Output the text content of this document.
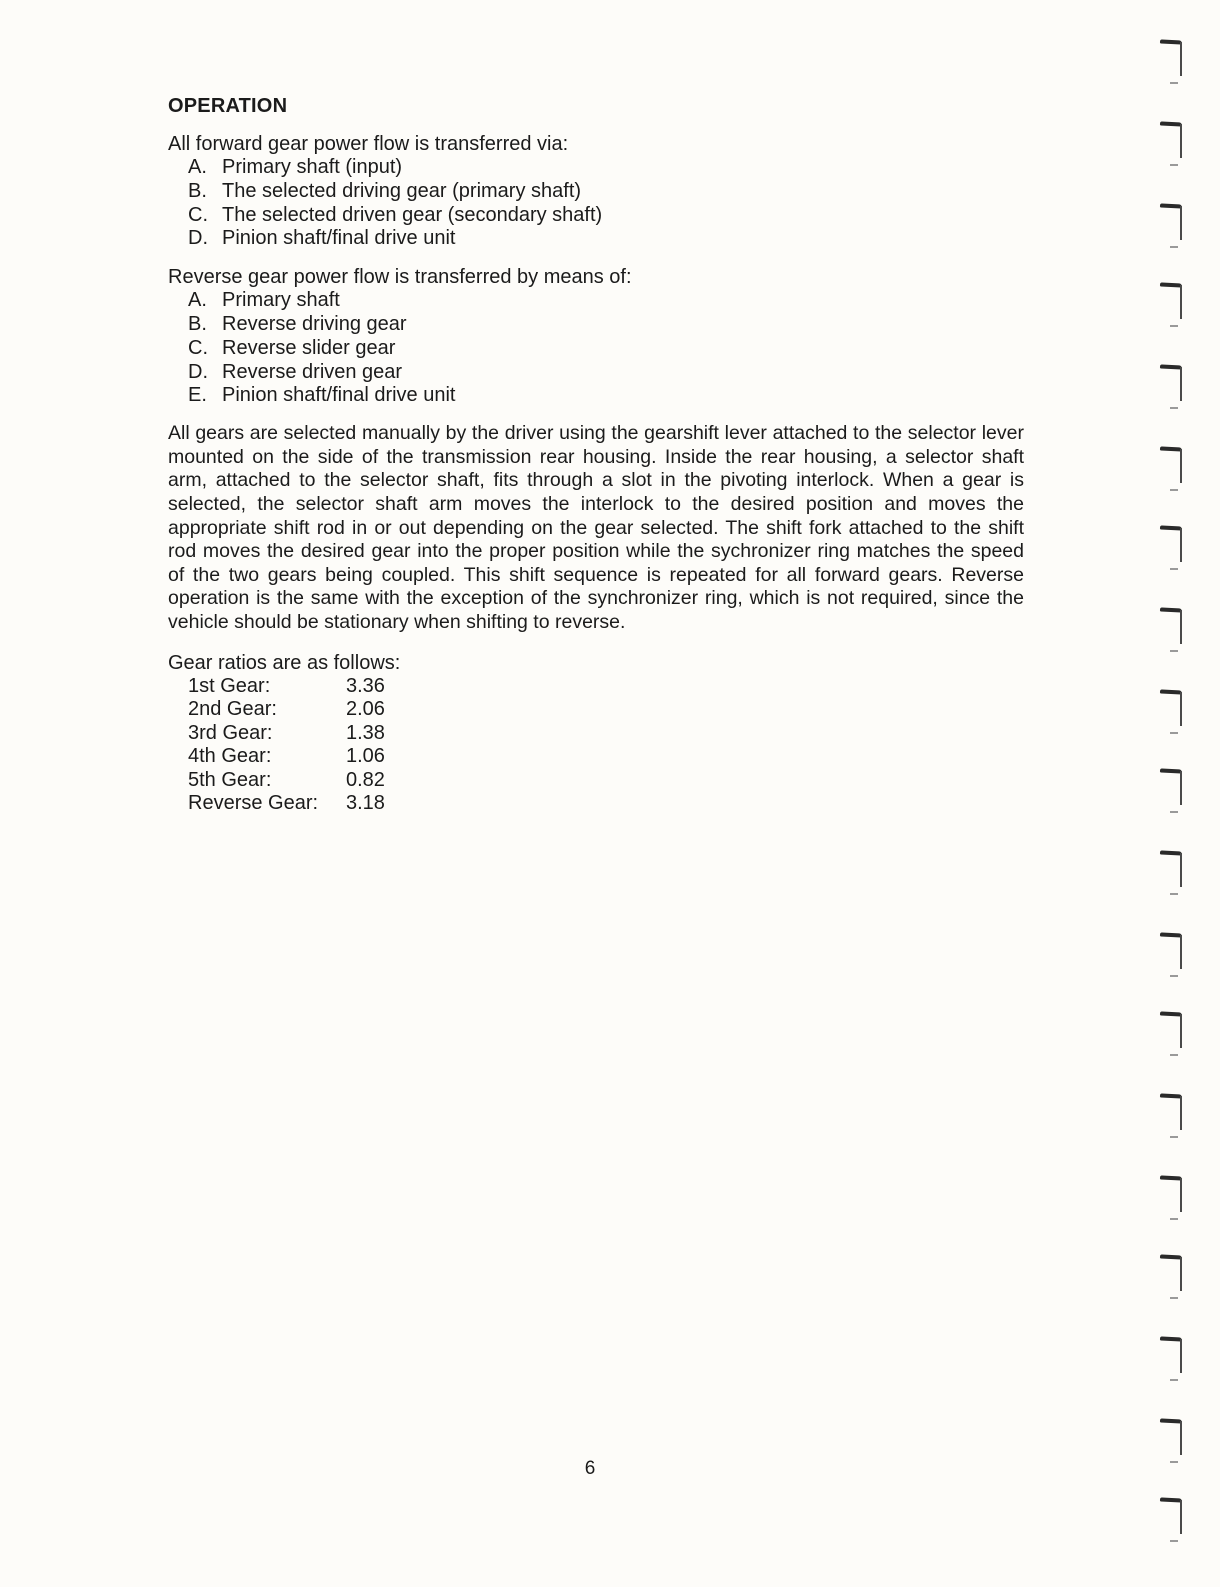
OPERATION

All forward gear power flow is transferred via:

A. Primary shaft (input)
B. The selected driving gear (primary shaft)
C. The selected driven gear (secondary shaft)
D. Pinion shaft/final drive unit

Reverse gear power flow is transferred by means of:

A. Primary shaft
B. Reverse driving gear
C. Reverse slider gear
D. Reverse driven gear
E. Pinion shaft/final drive unit

All gears are selected manually by the driver using the gearshift lever attached to the selector lever mounted on the side of the transmission rear housing. Inside the rear housing, a selector shaft arm, attached to the selector shaft, fits through a slot in the pivoting interlock. When a gear is selected, the selector shaft arm moves the interlock to the desired position and moves the appropriate shift rod in or out depending on the gear selected. The shift fork attached to the shift rod moves the desired gear into the proper position while the sychronizer ring matches the speed of the two gears being coupled. This shift sequence is repeated for all forward gears. Reverse operation is the same with the exception of the synchronizer ring, which is not required, since the vehicle should be stationary when shifting to reverse.

Gear ratios are as follows:

1st Gear:	3.36
2nd Gear:	2.06
3rd Gear:	1.38
4th Gear:	1.06
5th Gear:	0.82
Reverse Gear:	3.18
6
